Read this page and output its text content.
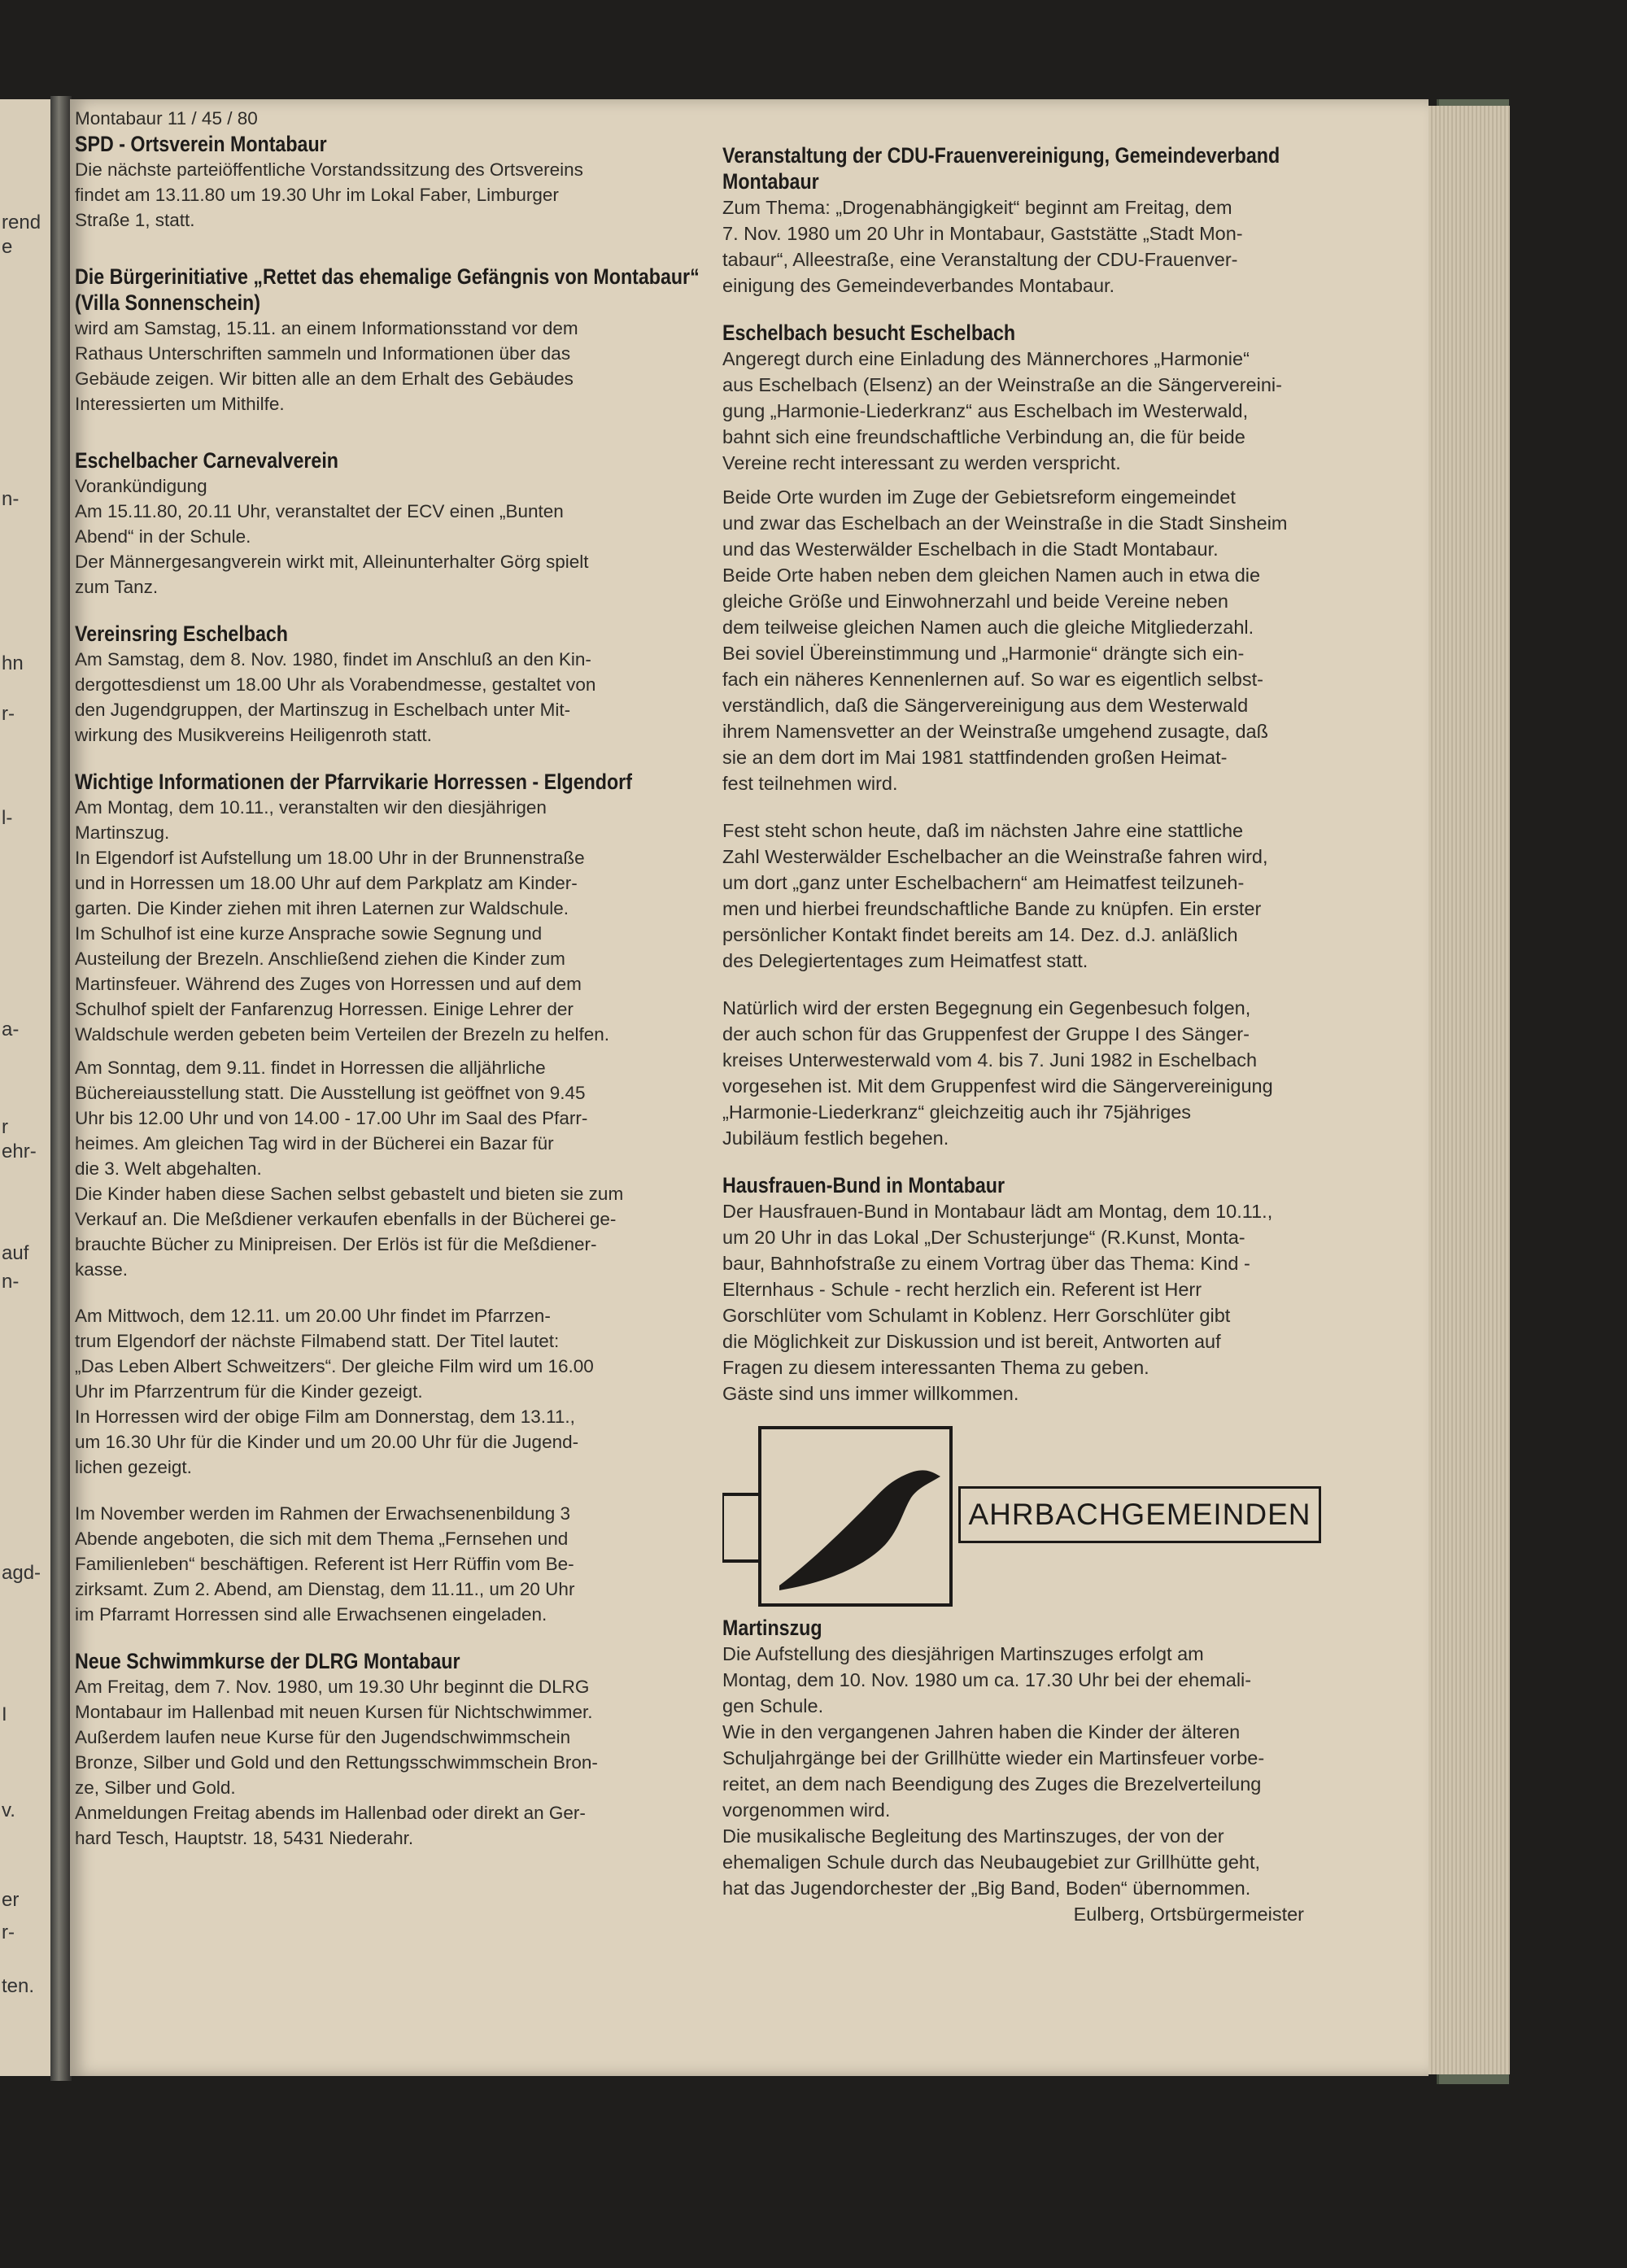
rend
e
n-
hn
r-
l-
a-
r
ehr-
auf
n-
agd-
I
v.
er
r-
ten.

Montabaur 11 / 45 / 80

SPD - Ortsverein Montabaur

Die nächste parteiöffentliche Vorstandssitzung des Ortsvereins
findet am 13.11.80 um 19.30 Uhr im Lokal Faber, Limburger
Straße 1, statt.

Die Bürgerinitiative „Rettet das ehemalige Gefängnis von Montabaur“ (Villa Sonnenschein)

wird am Samstag, 15.11. an einem Informationsstand vor dem
Rathaus Unterschriften sammeln und Informationen über das
Gebäude zeigen. Wir bitten alle an dem Erhalt des Gebäudes
Interessierten um Mithilfe.

Eschelbacher Carnevalverein

Vorankündigung
Am 15.11.80, 20.11 Uhr, veranstaltet der ECV einen „Bunten
Abend“ in der Schule.
Der Männergesangverein wirkt mit, Alleinunterhalter Görg spielt
zum Tanz.

Vereinsring Eschelbach

Am Samstag, dem 8. Nov. 1980, findet im Anschluß an den Kin-
dergottesdienst um 18.00 Uhr als Vorabendmesse, gestaltet von
den Jugendgruppen, der Martinszug in Eschelbach unter Mit-
wirkung des Musikvereins Heiligenroth statt.

Wichtige Informationen der Pfarrvikarie Horressen - Elgendorf

Am Montag, dem 10.11., veranstalten wir den diesjährigen
Martinszug.
In Elgendorf ist Aufstellung um 18.00 Uhr in der Brunnenstraße
und in Horressen um 18.00 Uhr auf dem Parkplatz am Kinder-
garten. Die Kinder ziehen mit ihren Laternen zur Waldschule.
Im Schulhof ist eine kurze Ansprache sowie Segnung und
Austeilung der Brezeln. Anschließend ziehen die Kinder zum
Martinsfeuer. Während des Zuges von Horressen und auf dem
Schulhof spielt der Fanfarenzug Horressen. Einige Lehrer der
Waldschule werden gebeten beim Verteilen der Brezeln zu helfen.

Am Sonntag, dem 9.11. findet in Horressen die alljährliche
Büchereiausstellung statt. Die Ausstellung ist geöffnet von 9.45
Uhr bis 12.00 Uhr und von 14.00 - 17.00 Uhr im Saal des Pfarr-
heimes. Am gleichen Tag wird in der Bücherei ein Bazar für
die 3. Welt abgehalten.
Die Kinder haben diese Sachen selbst gebastelt und bieten sie zum
Verkauf an. Die Meßdiener verkaufen ebenfalls in der Bücherei ge-
brauchte Bücher zu Minipreisen. Der Erlös ist für die Meßdiener-
kasse.

Am Mittwoch, dem 12.11. um 20.00 Uhr findet im Pfarrzen-
trum Elgendorf der nächste Filmabend statt. Der Titel lautet:
„Das Leben Albert Schweitzers“. Der gleiche Film wird um 16.00
Uhr im Pfarrzentrum für die Kinder gezeigt.
In Horressen wird der obige Film am Donnerstag, dem 13.11.,
um 16.30 Uhr für die Kinder und um 20.00 Uhr für die Jugend-
lichen gezeigt.

Im November werden im Rahmen der Erwachsenenbildung 3
Abende angeboten, die sich mit dem Thema „Fernsehen und
Familienleben“ beschäftigen. Referent ist Herr Rüffin vom Be-
zirksamt. Zum 2. Abend, am Dienstag, dem 11.11., um 20 Uhr
im Pfarramt Horressen sind alle Erwachsenen eingeladen.

Neue Schwimmkurse der DLRG Montabaur

Am Freitag, dem 7. Nov. 1980, um 19.30 Uhr beginnt die DLRG
Montabaur im Hallenbad mit neuen Kursen für Nichtschwimmer.
Außerdem laufen neue Kurse für den Jugendschwimmschein
Bronze, Silber und Gold und den Rettungsschwimmschein Bron-
ze, Silber und Gold.
Anmeldungen Freitag abends im Hallenbad oder direkt an Ger-
hard Tesch, Hauptstr. 18, 5431 Niederahr.

Veranstaltung der CDU-Frauenvereinigung, Gemeindeverband Montabaur

Zum Thema: „Drogenabhängigkeit“ beginnt am Freitag, dem
7. Nov. 1980 um 20 Uhr in Montabaur, Gaststätte „Stadt Mon-
tabaur“, Alleestraße, eine Veranstaltung der CDU-Frauenver-
einigung des Gemeindeverbandes Montabaur.

Eschelbach besucht Eschelbach

Angeregt durch eine Einladung des Männerchores „Harmonie“
aus Eschelbach (Elsenz) an der Weinstraße an die Sängervereini-
gung „Harmonie-Liederkranz“ aus Eschelbach im Westerwald,
bahnt sich eine freundschaftliche Verbindung an, die für beide
Vereine recht interessant zu werden verspricht.

Beide Orte wurden im Zuge der Gebietsreform eingemeindet
und zwar das Eschelbach an der Weinstraße in die Stadt Sinsheim
und das Westerwälder Eschelbach in die Stadt Montabaur.
Beide Orte haben neben dem gleichen Namen auch in etwa die
gleiche Größe und Einwohnerzahl und beide Vereine neben
dem teilweise gleichen Namen auch die gleiche Mitgliederzahl.
Bei soviel Übereinstimmung und „Harmonie“ drängte sich ein-
fach ein näheres Kennenlernen auf. So war es eigentlich selbst-
verständlich, daß die Sängervereinigung aus dem Westerwald
ihrem Namensvetter an der Weinstraße umgehend zusagte, daß
sie an dem dort im Mai 1981 stattfindenden großen Heimat-
fest teilnehmen wird.

Fest steht schon heute, daß im nächsten Jahre eine stattliche
Zahl Westerwälder Eschelbacher an die Weinstraße fahren wird,
um dort „ganz unter Eschelbachern“ am Heimatfest teilzuneh-
men und hierbei freundschaftliche Bande zu knüpfen. Ein erster
persönlicher Kontakt findet bereits am 14. Dez. d.J. anläßlich
des Delegiertentages zum Heimatfest statt.

Natürlich wird der ersten Begegnung ein Gegenbesuch folgen,
der auch schon für das Gruppenfest der Gruppe I des Sänger-
kreises Unterwesterwald vom 4. bis 7. Juni 1982 in Eschelbach
vorgesehen ist. Mit dem Gruppenfest wird die Sängervereinigung
„Harmonie-Liederkranz“ gleichzeitig auch ihr 75jähriges
Jubiläum festlich begehen.

Hausfrauen-Bund in Montabaur

Der Hausfrauen-Bund in Montabaur lädt am Montag, dem 10.11.,
um 20 Uhr in das Lokal „Der Schusterjunge“ (R.Kunst, Monta-
baur, Bahnhofstraße zu einem Vortrag über das Thema: Kind -
Elternhaus - Schule - recht herzlich ein. Referent ist Herr
Gorschlüter vom Schulamt in Koblenz. Herr Gorschlüter gibt
die Möglichkeit zur Diskussion und ist bereit, Antworten auf
Fragen zu diesem interessanten Thema zu geben.
Gäste sind uns immer willkommen.

AHRBACHGEMEINDEN
Martinszug

Die Aufstellung des diesjährigen Martinszuges erfolgt am
Montag, dem 10. Nov. 1980 um ca. 17.30 Uhr bei der ehemali-
gen Schule.
Wie in den vergangenen Jahren haben die Kinder der älteren
Schuljahrgänge bei der Grillhütte wieder ein Martinsfeuer vorbe-
reitet, an dem nach Beendigung des Zuges die Brezelverteilung
vorgenommen wird.
Die musikalische Begleitung des Martinszuges, der von der
ehemaligen Schule durch das Neubaugebiet zur Grillhütte geht,
hat das Jugendorchester der „Big Band, Boden“ übernommen.

Eulberg, Ortsbürgermeister
